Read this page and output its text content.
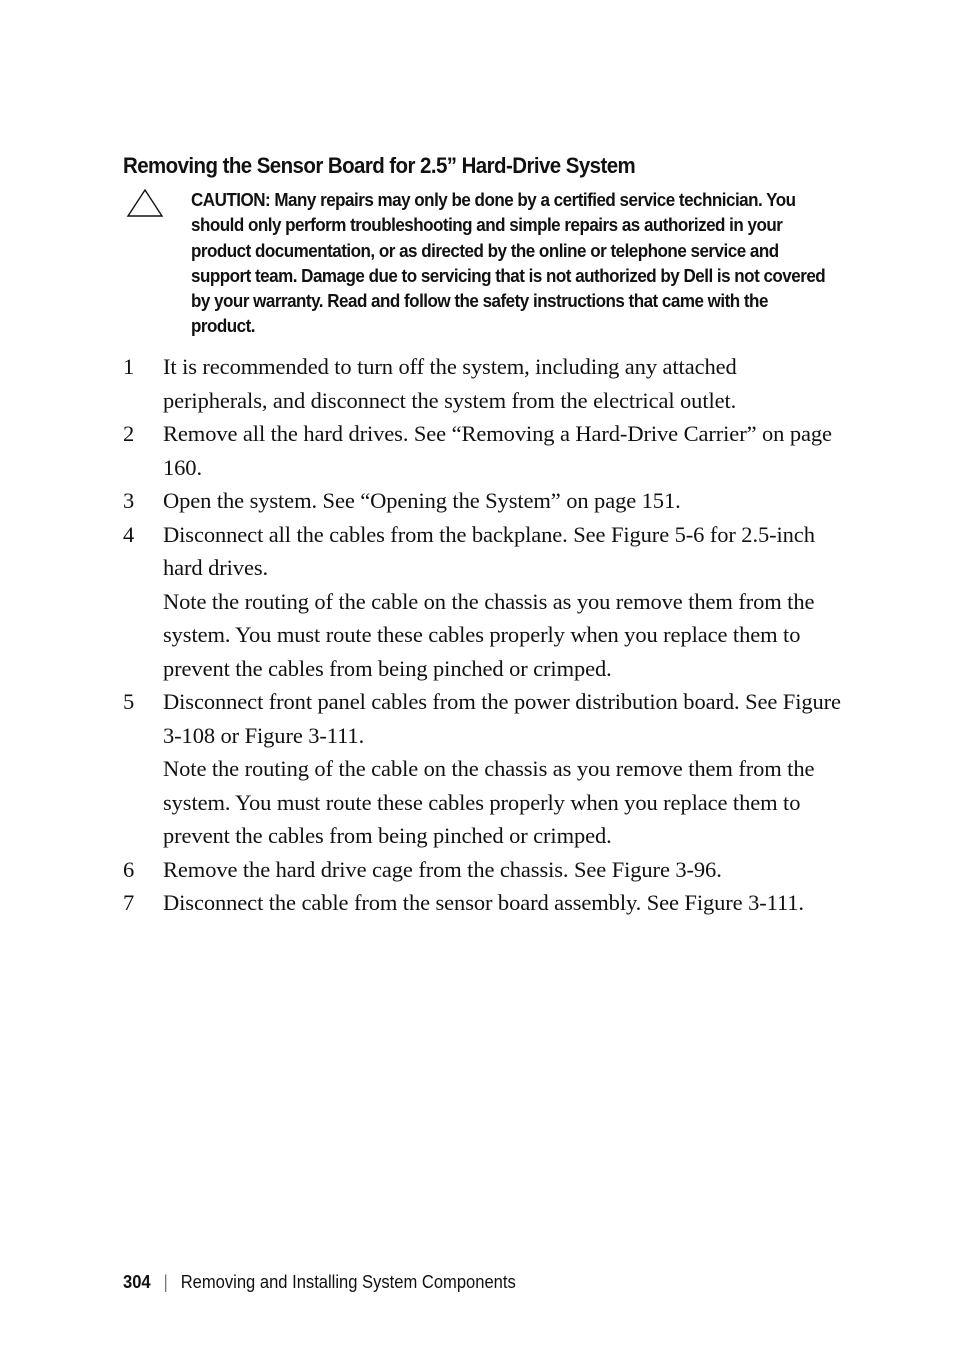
Removing the Sensor Board for 2.5” Hard-Drive System

CAUTION: Many repairs may only be done by a certified service technician. You should only perform troubleshooting and simple repairs as authorized in your product documentation, or as directed by the online or telephone service and support team. Damage due to servicing that is not authorized by Dell is not covered by your warranty. Read and follow the safety instructions that came with the product.

1 It is recommended to turn off the system, including any attached peripherals, and disconnect the system from the electrical outlet.
2 Remove all the hard drives. See “Removing a Hard-Drive Carrier” on page 160.
3 Open the system. See “Opening the System” on page 151.
4 Disconnect all the cables from the backplane. See Figure 5-6 for 2.5-inch hard drives.

Note the routing of the cable on the chassis as you remove them from the system. You must route these cables properly when you replace them to prevent the cables from being pinched or crimped.

5 Disconnect front panel cables from the power distribution board. See Figure 3-108 or Figure 3-111.

Note the routing of the cable on the chassis as you remove them from the system. You must route these cables properly when you replace them to prevent the cables from being pinched or crimped.

6 Remove the hard drive cage from the chassis. See Figure 3-96.
7 Disconnect the cable from the sensor board assembly. See Figure 3-111.
304 | Removing and Installing System Components
